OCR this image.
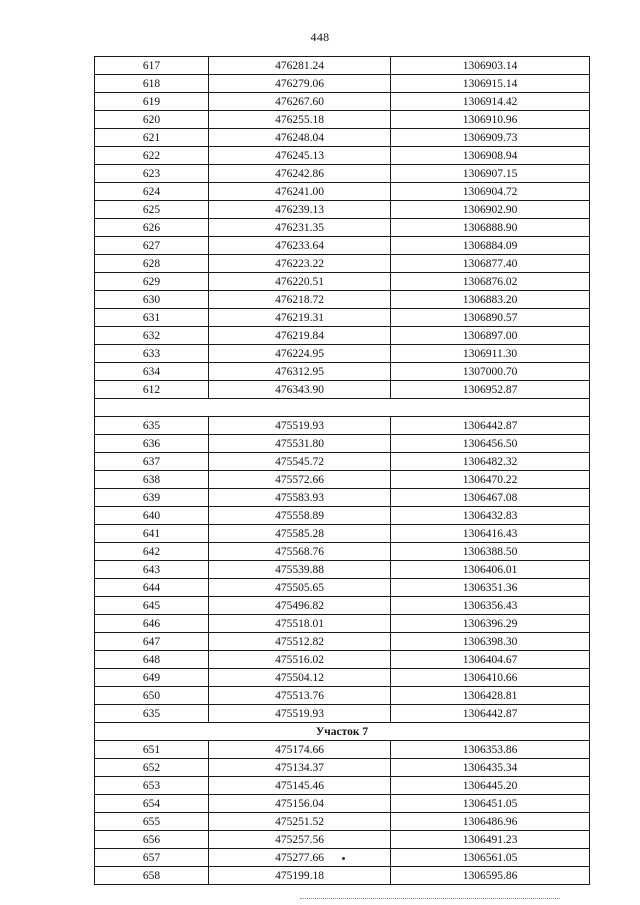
448
617	476281.24	1306903.14
618	476279.06	1306915.14
619	476267.60	1306914.42
620	476255.18	1306910.96
621	476248.04	1306909.73
622	476245.13	1306908.94
623	476242.86	1306907.15
624	476241.00	1306904.72
625	476239.13	1306902.90
626	476231.35	1306888.90
627	476233.64	1306884.09
628	476223.22	1306877.40
629	476220.51	1306876.02
630	476218.72	1306883.20
631	476219.31	1306890.57
632	476219.84	1306897.00
633	476224.95	1306911.30
634	476312.95	1307000.70
612	476343.90	1306952.87

635	475519.93	1306442.87
636	475531.80	1306456.50
637	475545.72	1306482.32
638	475572.66	1306470.22
639	475583.93	1306467.08
640	475558.89	1306432.83
641	475585.28	1306416.43
642	475568.76	1306388.50
643	475539.88	1306406.01
644	475505.65	1306351.36
645	475496.82	1306356.43
646	475518.01	1306396.29
647	475512.82	1306398.30
648	475516.02	1306404.67
649	475504.12	1306410.66
650	475513.76	1306428.81
635	475519.93	1306442.87
Участок 7		
651	475174.66	1306353.86
652	475134.37	1306435.34
653	475145.46	1306445.20
654	475156.04	1306451.05
655	475251.52	1306486.96
656	475257.56	1306491.23
657	475277.66	1306561.05
658	475199.18	1306595.86
